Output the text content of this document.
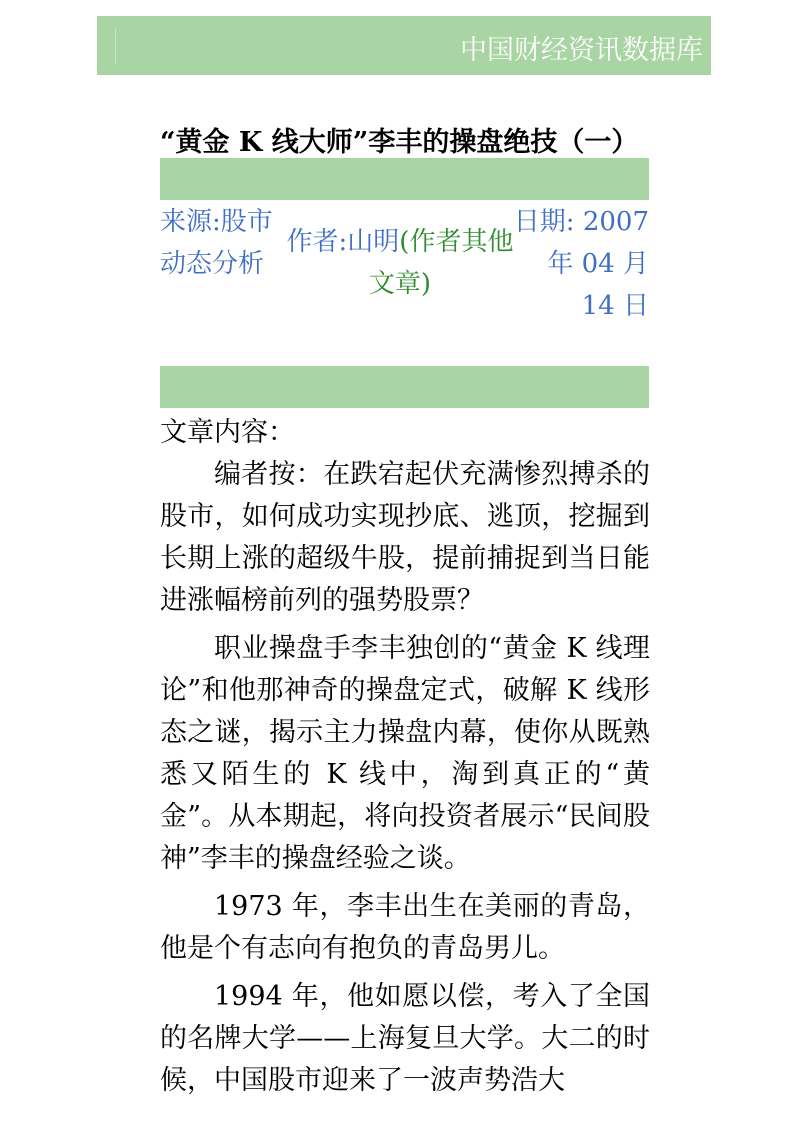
中国财经资讯数据库
“黄金 K 线大师”李丰的操盘绝技（一）
来源:股市动态分析
作者:山明(作者其他文章)
日期: 2007 年 04 月 14 日
文章内容：

编者按：在跌宕起伏充满惨烈搏杀的股市，如何成功实现抄底、逃顶，挖掘到长期上涨的超级牛股，提前捕捉到当日能进涨幅榜前列的强势股票？

职业操盘手李丰独创的“黄金 K 线理论”和他那神奇的操盘定式，破解 K 线形态之谜，揭示主力操盘内幕，使你从既熟悉又陌生的 K 线中，淘到真正的“黄金”。从本期起，将向投资者展示“民间股神”李丰的操盘经验之谈。

1973 年，李丰出生在美丽的青岛，他是个有志向有抱负的青岛男儿。

1994 年，他如愿以偿，考入了全国的名牌大学——上海复旦大学。大二的时候，中国股市迎来了一波声势浩大
